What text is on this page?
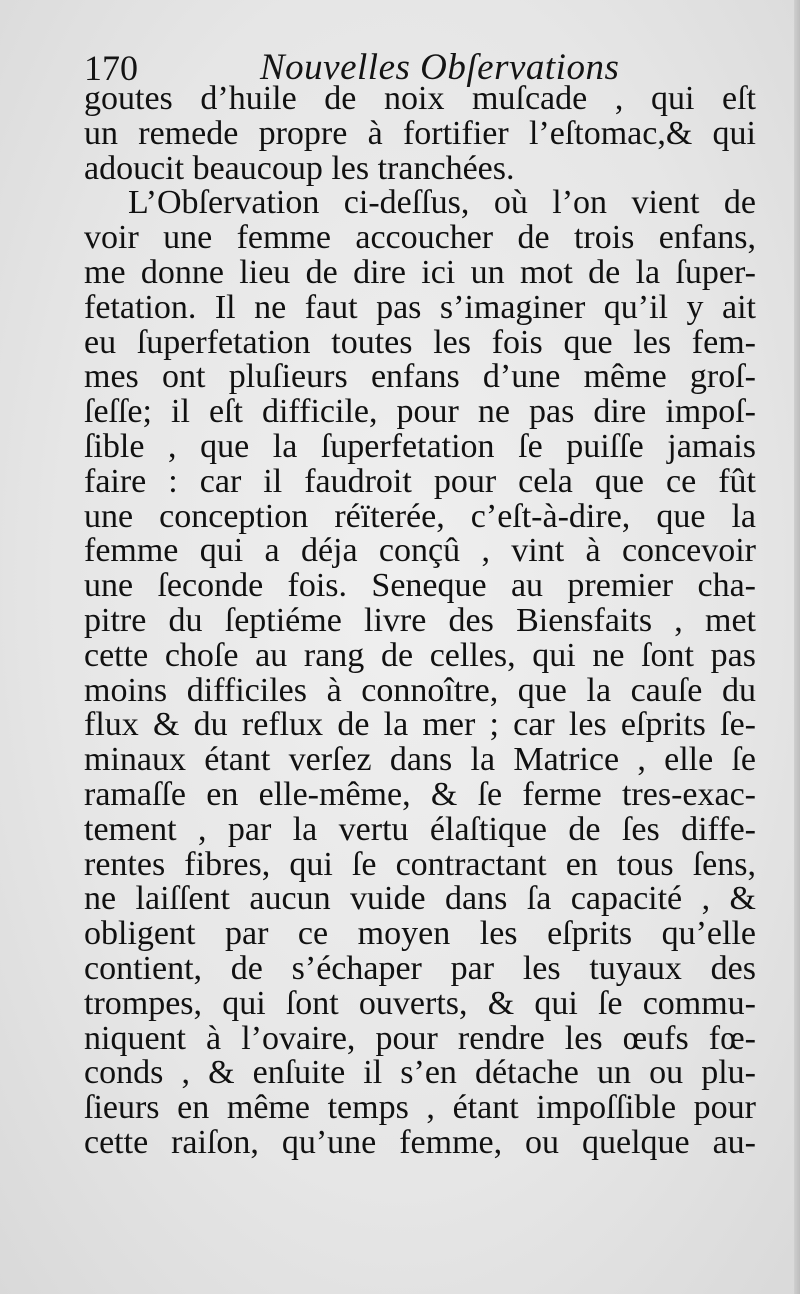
170	Nouvelles Obſervations
goutes d’huile de noix muſcade , qui eſt
un remede propre à fortifier l’eſtomac,& qui
adoucit beaucoup les tranchées.
L’Obſervation ci-deſſus, où l’on vient de
voir une femme accoucher de trois enfans,
me donne lieu de dire ici un mot de la ſuper-
fetation. Il ne faut pas s’imaginer qu’il y ait
eu ſuperfetation toutes les fois que les fem-
mes ont pluſieurs enfans d’une même groſ-
ſeſſe; il eſt difficile, pour ne pas dire impoſ-
ſible , que la ſuperfetation ſe puiſſe jamais
faire : car il faudroit pour cela que ce fût
une conception réïterée, c’eſt-à-dire, que la
femme qui a déja conçû , vint à concevoir
une ſeconde fois. Seneque au premier cha-
pitre du ſeptiéme livre des Biensfaits , met
cette choſe au rang de celles, qui ne ſont pas
moins difficiles à connoître, que la cauſe du
flux & du reflux de la mer ; car les eſprits ſe-
minaux étant verſez dans la Matrice , elle ſe
ramaſſe en elle-même, & ſe ferme tres-exac-
tement , par la vertu élaſtique de ſes diffe-
rentes fibres, qui ſe contractant en tous ſens,
ne laiſſent aucun vuide dans ſa capacité , &
obligent par ce moyen les eſprits qu’elle
contient, de s’échaper par les tuyaux des
trompes, qui ſont ouverts, & qui ſe commu-
niquent à l’ovaire, pour rendre les œufs fœ-
conds , & enſuite il s’en détache un ou plu-
ſieurs en même temps , étant impoſſible pour
cette raiſon, qu’une femme, ou quelque au-
